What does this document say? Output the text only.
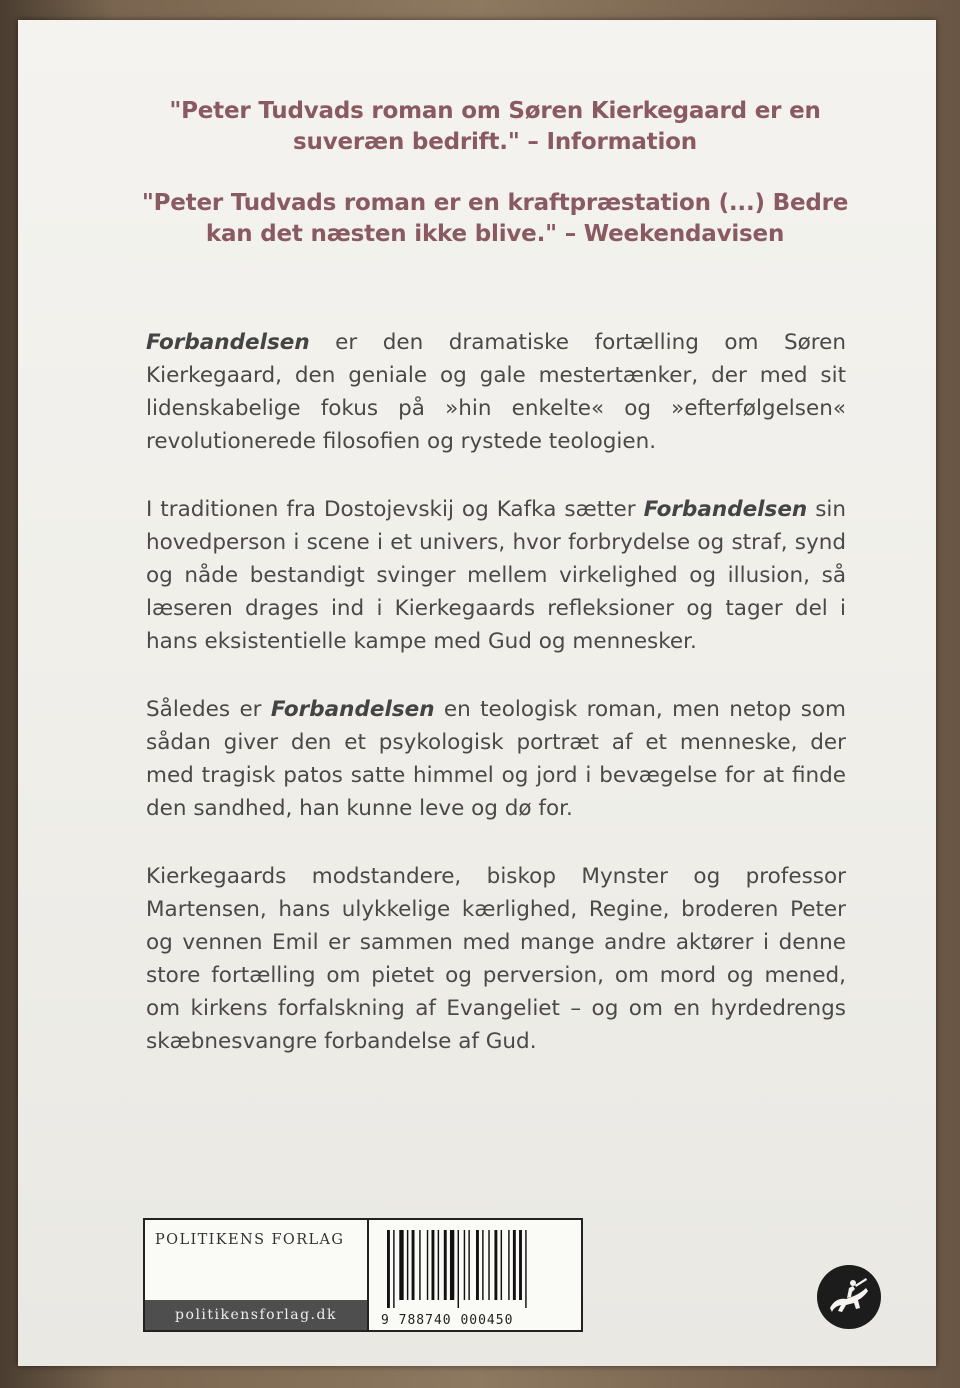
"Peter Tudvads roman om Søren Kierkegaard er en suveræn bedrift." – Information

"Peter Tudvads roman er en kraftpræstation (...) Bedre kan det næsten ikke blive." – Weekendavisen

Forbandelsen er den dramatiske fortælling om Søren Kierkegaard, den geniale og gale mestertænker, der med sit lidenskabelige fokus på »hin enkelte« og »efterfølgelsen« revolutionerede filosofien og rystede teologien.

I traditionen fra Dostojevskij og Kafka sætter Forbandelsen sin hovedperson i scene i et univers, hvor forbrydelse og straf, synd og nåde bestandigt svinger mellem virkelighed og illusion, så læseren drages ind i Kierkegaards refleksioner og tager del i hans eksistentielle kampe med Gud og mennesker.

Således er Forbandelsen en teologisk roman, men netop som sådan giver den et psykologisk portræt af et menneske, der med tragisk patos satte himmel og jord i bevægelse for at finde den sandhed, han kunne leve og dø for.

Kierkegaards modstandere, biskop Mynster og professor Martensen, hans ulykkelige kærlighed, Regine, broderen Peter og vennen Emil er sammen med mange andre aktører i denne store fortælling om pietet og perversion, om mord og mened, om kirkens forfalskning af Evangeliet – og om en hyrdedrengs skæbnesvangre forbandelse af Gud.

POLITIKENS FORLAG
politikensforlag.dk	9 788740 000450
